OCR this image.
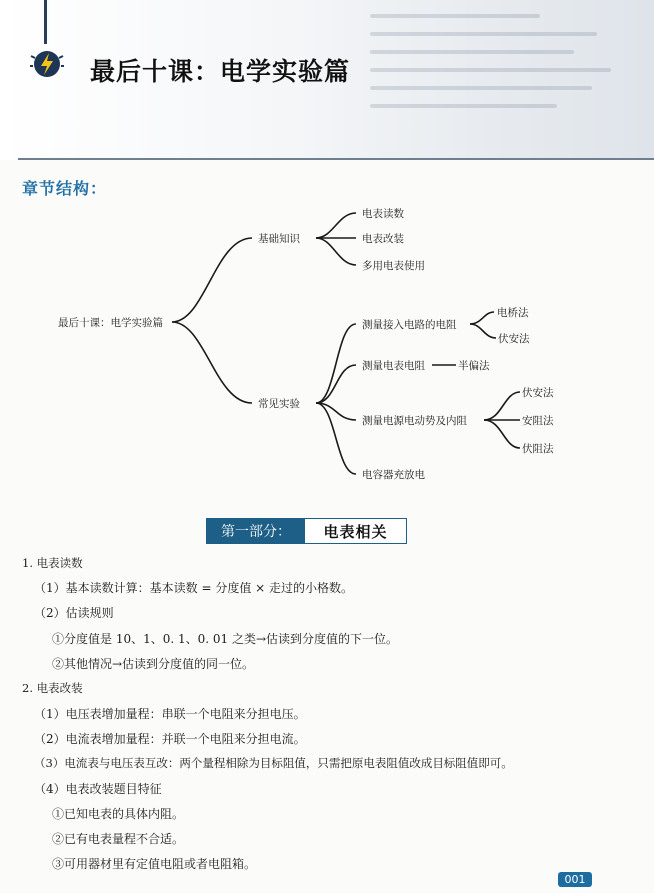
最后十课：电学实验篇
章节结构：
最后十课：电学实验篇
基础知识
电表读数
电表改装
多用电表使用
常见实验
测量接入电路的电阻
电桥法
伏安法
测量电表电阻	半偏法
测量电源电动势及内阻
伏安法
安阻法
伏阻法
电容器充放电
第一部分：	电表相关
1. 电表读数
（1）基本读数计算：基本读数 = 分度值 × 走过的小格数。
（2）估读规则
①分度值是 10、1、0. 1、0. 01 之类→估读到分度值的下一位。
②其他情况→估读到分度值的同一位。
2. 电表改装
（1）电压表增加量程：串联一个电阻来分担电压。
（2）电流表增加量程：并联一个电阻来分担电流。
（3）电流表与电压表互改：两个量程相除为目标阻值，只需把原电表阻值改成目标阻值即可。
（4）电表改装题目特征
①已知电表的具体内阻。
②已有电表量程不合适。
③可用器材里有定值电阻或者电阻箱。
001
